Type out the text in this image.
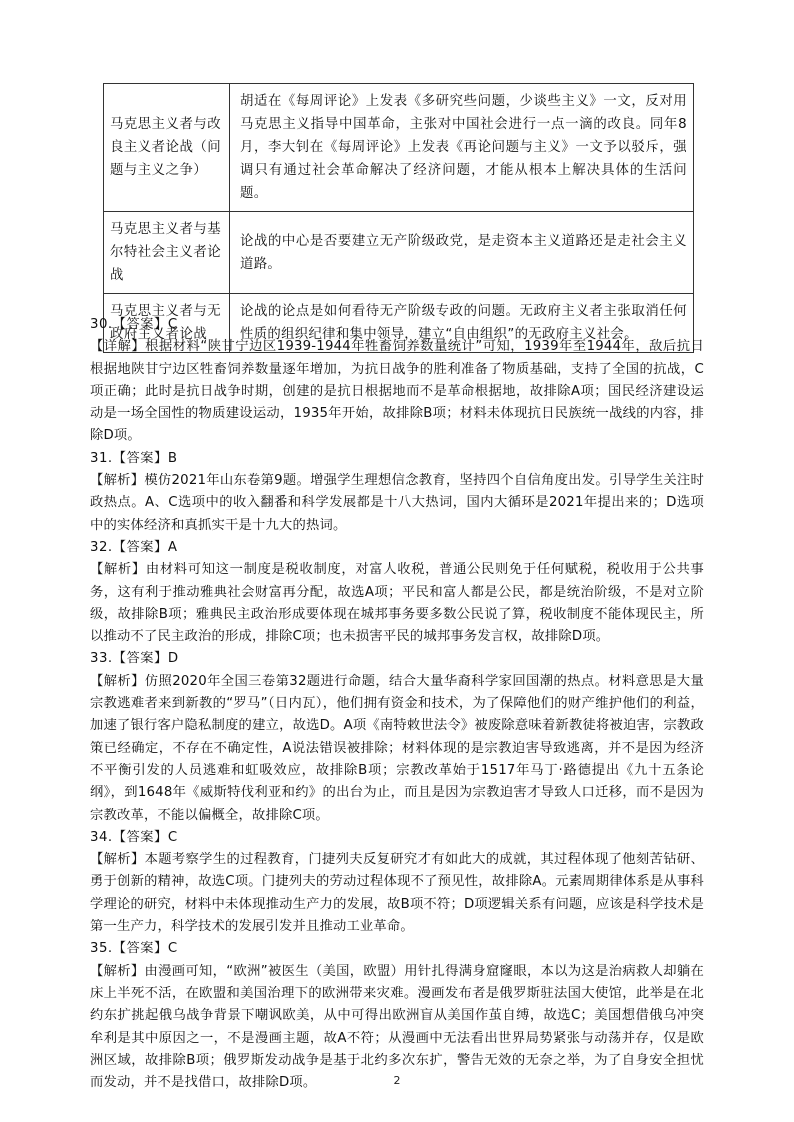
马克思主义者与改良主义者论战（问题与主义之争）	胡适在《每周评论》上发表《多研究些问题，少谈些主义》一文，反对用马克思主义指导中国革命，主张对中国社会进行一点一滴的改良。同年8月，李大钊在《每周评论》上发表《再论问题与主义》一文予以驳斥，强调只有通过社会革命解决了经济问题，才能从根本上解决具体的生活问题。
马克思主义者与基尔特社会主义者论战	论战的中心是否要建立无产阶级政党，是走资本主义道路还是走社会主义道路。
马克思主义者与无政府主义者论战	论战的论点是如何看待无产阶级专政的问题。无政府主义者主张取消任何性质的组织纪律和集中领导，建立“自由组织”的无政府主义社会。

30.【答案】C

【详解】根据材料“陕甘宁边区1939-1944年牲畜饲养数量统计”可知，1939年至1944年，敌后抗日根据地陕甘宁边区牲畜饲养数量逐年增加，为抗日战争的胜利准备了物质基础，支持了全国的抗战，C项正确；此时是抗日战争时期，创建的是抗日根据地而不是革命根据地，故排除A项；国民经济建设运动是一场全国性的物质建设运动，1935年开始，故排除B项；材料未体现抗日民族统一战线的内容，排除D项。

31.【答案】B

【解析】模仿2021年山东卷第9题。增强学生理想信念教育，坚持四个自信角度出发。引导学生关注时政热点。A、C选项中的收入翻番和科学发展都是十八大热词，国内大循环是2021年提出来的；D选项中的实体经济和真抓实干是十九大的热词。

32.【答案】A

【解析】由材料可知这一制度是税收制度，对富人收税，普通公民则免于任何赋税，税收用于公共事务，这有利于推动雅典社会财富再分配，故选A项；平民和富人都是公民，都是统治阶级，不是对立阶级，故排除B项；雅典民主政治形成要体现在城邦事务要多数公民说了算，税收制度不能体现民主，所以推动不了民主政治的形成，排除C项；也未损害平民的城邦事务发言权，故排除D项。

33.【答案】D

【解析】仿照2020年全国三卷第32题进行命题，结合大量华裔科学家回国潮的热点。材料意思是大量宗教逃难者来到新教的“罗马”（日内瓦），他们拥有资金和技术，为了保障他们的财产维护他们的利益，加速了银行客户隐私制度的建立，故选D。A项《南特敕世法令》被废除意味着新教徒将被迫害，宗教政策已经确定，不存在不确定性，A说法错误被排除；材料体现的是宗教迫害导致逃离，并不是因为经济不平衡引发的人员逃难和虹吸效应，故排除B项；宗教改革始于1517年马丁·路德提出《九十五条论纲》，到1648年《威斯特伐利亚和约》的出台为止，而且是因为宗教迫害才导致人口迁移，而不是因为宗教改革，不能以偏概全，故排除C项。

34.【答案】C

【解析】本题考察学生的过程教育，门捷列夫反复研究才有如此大的成就，其过程体现了他刻苦钻研、勇于创新的精神，故选C项。门捷列夫的劳动过程体现不了预见性，故排除A。元素周期律体系是从事科学理论的研究，材料中未体现推动生产力的发展，故B项不符；D项逻辑关系有问题，应该是科学技术是第一生产力，科学技术的发展引发并且推动工业革命。

35.【答案】C

【解析】由漫画可知，“欧洲”被医生（美国，欧盟）用针扎得满身窟窿眼，本以为这是治病救人却躺在床上半死不活，在欧盟和美国治理下的欧洲带来灾难。漫画发布者是俄罗斯驻法国大使馆，此举是在北约东扩挑起俄乌战争背景下嘲讽欧美，从中可得出欧洲盲从美国作茧自缚，故选C；美国想借俄乌冲突牟利是其中原因之一，不是漫画主题，故A不符；从漫画中无法看出世界局势紧张与动荡并存，仅是欧洲区域，故排除B项；俄罗斯发动战争是基于北约多次东扩，警告无效的无奈之举，为了自身安全担忧而发动，并不是找借口，故排除D项。	2
